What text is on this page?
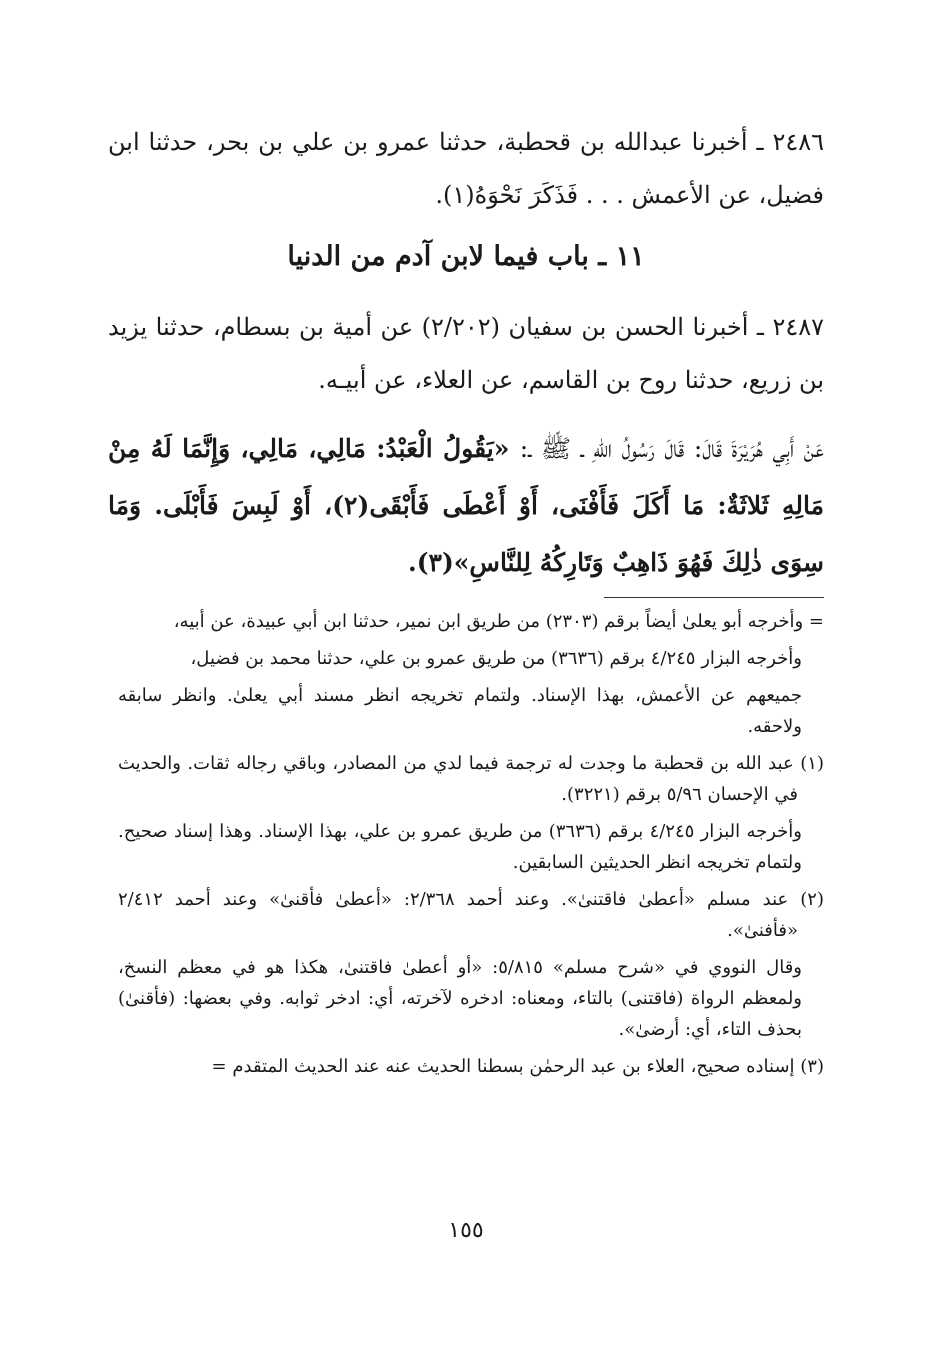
٢٤٨٦ ـ أخبرنا عبدالله بن قحطبة، حدثنا عمرو بن علي بن بحر، حدثنا ابن فضيل، عن الأعمش . . . فَذَكَرَ نَحْوَهُ(١).

١١ ـ باب فيما لابن آدم من الدنيا

٢٤٨٧ ـ أخبرنا الحسن بن سفيان (٢/٢٠٢) عن أمية بن بسطام، حدثنا يزيد بن زريع، حدثنا روح بن القاسم، عن العلاء، عن أبيـه.

عَنْ أَبِي هُرَيْرَةَ قَالَ: قَالَ رَسُولُ اللهِ ـ ﷺ ـ: «يَقُولُ الْعَبْدُ: مَالِي، مَالِي، وَإِنَّمَا لَهُ مِنْ مَالِهِ ثَلاثَةٌ: مَا أَكَلَ فَأَفْنَى، أَوْ أَعْطَى فَأَبْقَى(٢)، أَوْ لَبِسَ فَأَبْلَى. وَمَا سِوَى ذٰلِكَ فَهُوَ ذَاهِبٌ وَتَارِكُهُ لِلنَّاسِ»(٣).

= وأخرجه أبو يعلىٰ أيضاً برقم (٢٣٠٣) من طريق ابن نمير، حدثنا ابن أبي عبيدة، عن أبيه،

وأخرجه البزار ٤/٢٤٥ برقم (٣٦٣٦) من طريق عمرو بن علي، حدثنا محمد بن فضيل،

جميعهم عن الأعمش، بهذا الإسناد. ولتمام تخريجه انظر مسند أبي يعلىٰ. وانظر سابقه ولاحقه.

(١) عبد الله بن قحطبة ما وجدت له ترجمة فيما لدي من المصادر، وباقي رجاله ثقات. والحديث في الإحسان ٥/٩٦ برقم (٣٢٢١).

وأخرجه البزار ٤/٢٤٥ برقم (٣٦٣٦) من طريق عمرو بن علي، بهذا الإسناد. وهذا إسناد صحيح. ولتمام تخريجه انظر الحديثين السابقين.

(٢) عند مسلم «أعطىٰ فاقتنىٰ». وعند أحمد ٢/٣٦٨: «أعطىٰ فأقنىٰ» وعند أحمد ٢/٤١٢ «فأفنىٰ».

وقال النووي في «شرح مسلم» ٥/٨١٥: «أو أعطىٰ فاقتنىٰ، هكذا هو في معظم النسخ، ولمعظم الرواة (فاقتنى) بالتاء، ومعناه: ادخره لآخرته، أي: ادخر ثوابه. وفي بعضها: (فأقنىٰ) بحذف التاء، أي: أرضىٰ».

(٣) إسناده صحيح، العلاء بن عبد الرحمٰن بسطنا الحديث عنه عند الحديث المتقدم =

١٥٥
